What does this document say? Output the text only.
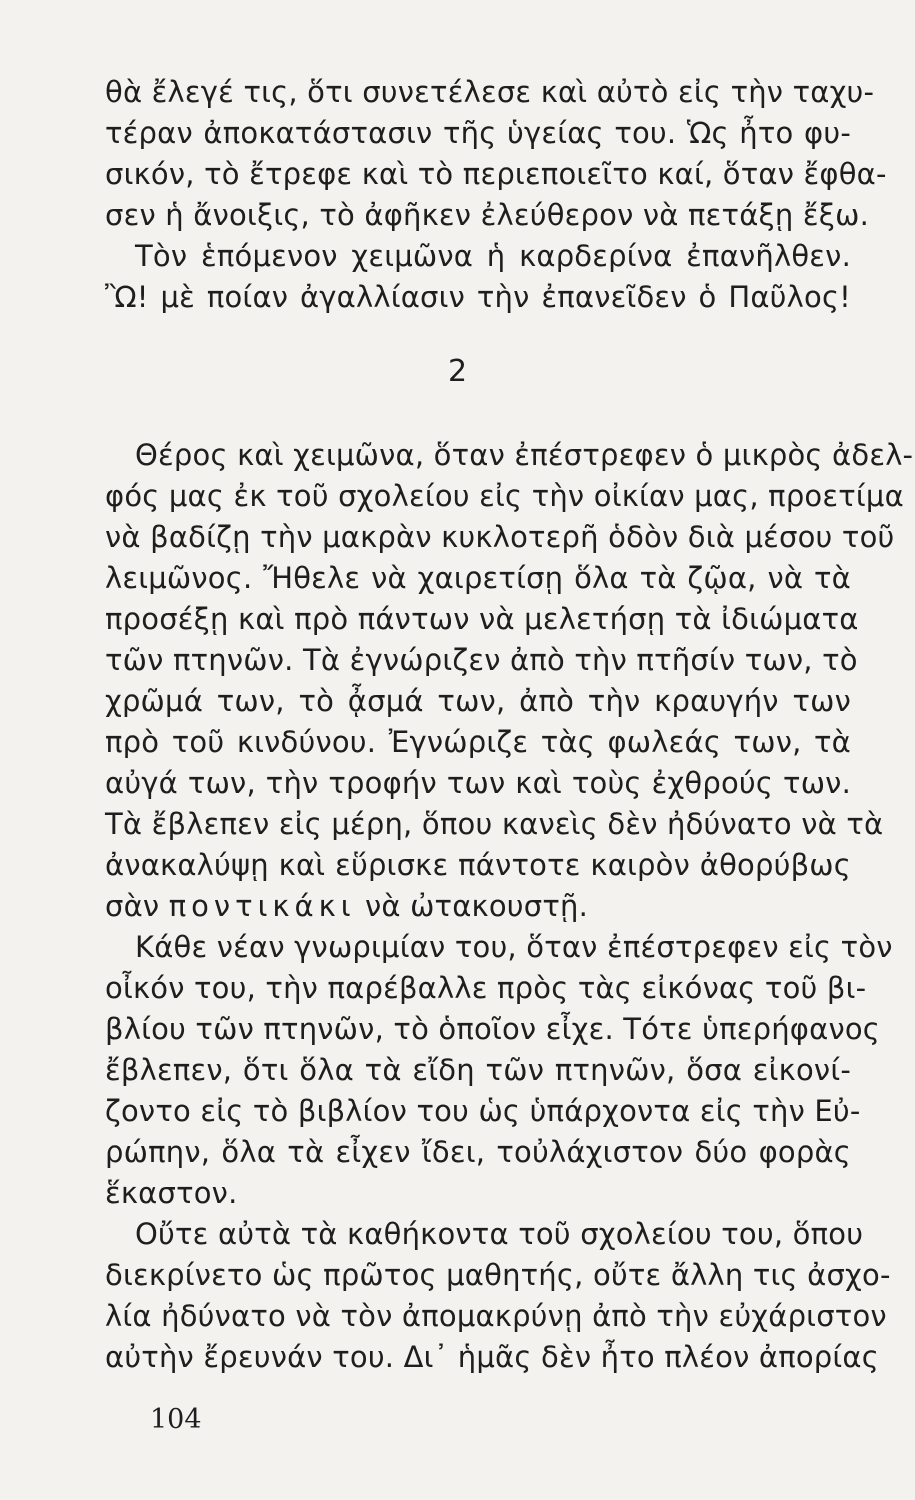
θὰ ἔλεγέ τις, ὅτι συνετέλεσε καὶ αὐτὸ εἰς τὴν ταχυ-
τέραν ἀποκατάστασιν τῆς ὑγείας του. Ὡς ἦτο φυ-
σικόν, τὸ ἔτρεφε καὶ τὸ περιεποιεῖτο καί, ὅταν ἔφθα-
σεν ἡ ἄνοιξις, τὸ ἀφῆκεν ἐλεύθερον νὰ πετάξῃ ἔξω.
Τὸν ἑπόμενον χειμῶνα ἡ καρδερίνα ἐπανῆλθεν.
Ὢ! μὲ ποίαν ἀγαλλίασιν τὴν ἐπανεῖδεν ὁ Παῦλος!
2
Θέρος καὶ χειμῶνα, ὅταν ἐπέστρεφεν ὁ μικρὸς ἀδελ-
φός μας ἐκ τοῦ σχολείου εἰς τὴν οἰκίαν μας, προετίμα
νὰ βαδίζῃ τὴν μακρὰν κυκλοτερῆ ὁδὸν διὰ μέσου τοῦ
λειμῶνος. Ἤθελε νὰ χαιρετίσῃ ὅλα τὰ ζῷα, νὰ τὰ
προσέξῃ καὶ πρὸ πάντων νὰ μελετήσῃ τὰ ἰδιώματα
τῶν πτηνῶν. Τὰ ἐγνώριζεν ἀπὸ τὴν πτῆσίν των, τὸ
χρῶμά των, τὸ ᾆσμά των, ἀπὸ τὴν κραυγήν των
πρὸ τοῦ κινδύνου. Ἐγνώριζε τὰς φωλεάς των, τὰ
αὐγά των, τὴν τροφήν των καὶ τοὺς ἐχθρούς των.
Τὰ ἔβλεπεν εἰς μέρη, ὅπου κανεὶς δὲν ἠδύνατο νὰ τὰ
ἀνακαλύψῃ καὶ εὕρισκε πάντοτε καιρὸν ἀθορύβως
σὰν ποντικάκι νὰ ὠτακουστῇ.
Κάθε νέαν γνωριμίαν του, ὅταν ἐπέστρεφεν εἰς τὸν
οἶκόν του, τὴν παρέβαλλε πρὸς τὰς εἰκόνας τοῦ βι-
βλίου τῶν πτηνῶν, τὸ ὁποῖον εἶχε. Τότε ὑπερήφανος
ἔβλεπεν, ὅτι ὅλα τὰ εἴδη τῶν πτηνῶν, ὅσα εἰκονί-
ζοντο εἰς τὸ βιβλίον του ὡς ὑπάρχοντα εἰς τὴν Εὐ-
ρώπην, ὅλα τὰ εἶχεν ἴδει, τοὐλάχιστον δύο φορὰς
ἕκαστον.
Οὔτε αὐτὰ τὰ καθήκοντα τοῦ σχολείου του, ὅπου
διεκρίνετο ὡς πρῶτος μαθητής, οὔτε ἄλλη τις ἀσχο-
λία ἠδύνατο νὰ τὸν ἀπομακρύνῃ ἀπὸ τὴν εὐχάριστον
αὐτὴν ἔρευνάν του. Δι᾿ ἡμᾶς δὲν ἦτο πλέον ἀπορίας
104
